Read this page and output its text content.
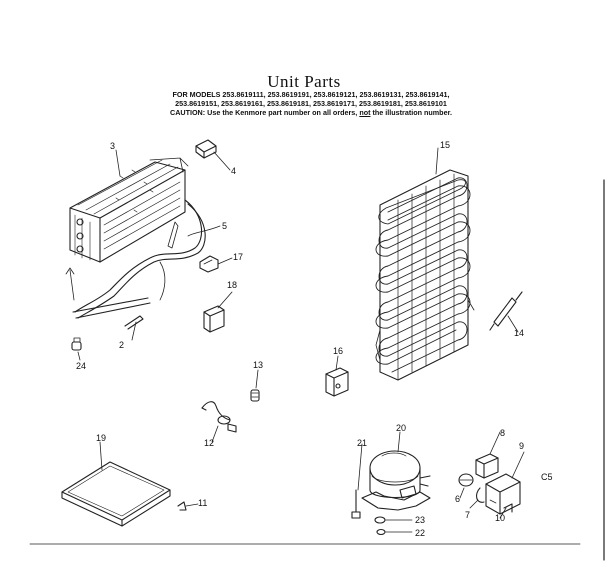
Unit Parts
FOR MODELS 253.8619111, 253.8619191, 253.8619121, 253.8619131, 253.8619141,
253.8619151, 253.8619161, 253.8619181, 253.8619171, 253.8619181, 253.8619101
CAUTION: Use the Kenmore part number on all orders, not the illustration number.
3
4
5
17
18
2
24	13
12
19
11
15
14
16
20
21
23
22
6
7
8
9
10
C5
